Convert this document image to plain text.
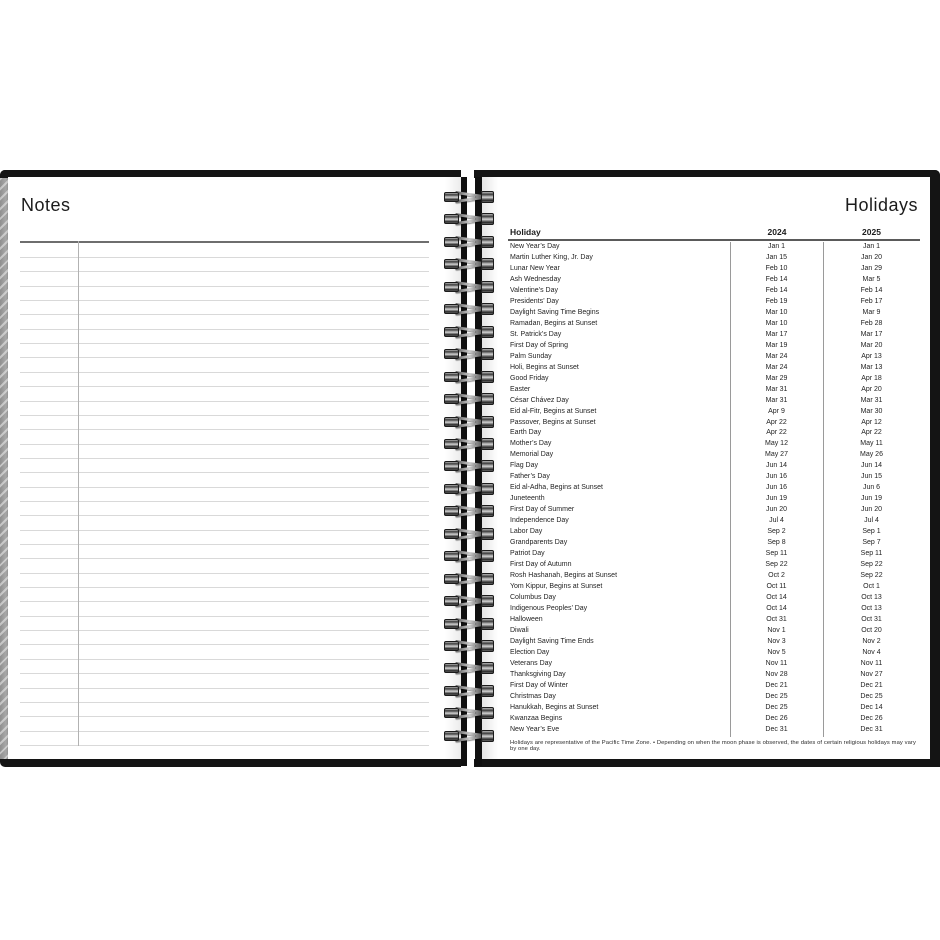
Notes	Holidays
Holiday	2024	2025
New Year’s Day	Jan 1	Jan 1
Martin Luther King, Jr. Day	Jan 15	Jan 20
Lunar New Year	Feb 10	Jan 29
Ash Wednesday	Feb 14	Mar 5
Valentine’s Day	Feb 14	Feb 14
Presidents’ Day	Feb 19	Feb 17
Daylight Saving Time Begins	Mar 10	Mar 9
Ramadan, Begins at Sunset	Mar 10	Feb 28
St. Patrick’s Day	Mar 17	Mar 17
First Day of Spring	Mar 19	Mar 20
Palm Sunday	Mar 24	Apr 13
Holi, Begins at Sunset	Mar 24	Mar 13
Good Friday	Mar 29	Apr 18
Easter	Mar 31	Apr 20
César Chávez Day	Mar 31	Mar 31
Eid al-Fitr, Begins at Sunset	Apr 9	Mar 30
Passover, Begins at Sunset	Apr 22	Apr 12
Earth Day	Apr 22	Apr 22
Mother’s Day	May 12	May 11
Memorial Day	May 27	May 26
Flag Day	Jun 14	Jun 14
Father’s Day	Jun 16	Jun 15
Eid al-Adha, Begins at Sunset	Jun 16	Jun 6
Juneteenth	Jun 19	Jun 19
First Day of Summer	Jun 20	Jun 20
Independence Day	Jul 4	Jul 4
Labor Day	Sep 2	Sep 1
Grandparents Day	Sep 8	Sep 7
Patriot Day	Sep 11	Sep 11
First Day of Autumn	Sep 22	Sep 22
Rosh Hashanah, Begins at Sunset	Oct 2	Sep 22
Yom Kippur, Begins at Sunset	Oct 11	Oct 1
Columbus Day	Oct 14	Oct 13
Indigenous Peoples’ Day	Oct 14	Oct 13
Halloween	Oct 31	Oct 31
Diwali	Nov 1	Oct 20
Daylight Saving Time Ends	Nov 3	Nov 2
Election Day	Nov 5	Nov 4
Veterans Day	Nov 11	Nov 11
Thanksgiving Day	Nov 28	Nov 27
First Day of Winter	Dec 21	Dec 21
Christmas Day	Dec 25	Dec 25
Hanukkah, Begins at Sunset	Dec 25	Dec 14
Kwanzaa Begins	Dec 26	Dec 26
New Year’s Eve	Dec 31	Dec 31
Holidays are representative of the Pacific Time Zone. • Depending on when the moon phase is observed, the dates of certain religious holidays may vary by one day.
